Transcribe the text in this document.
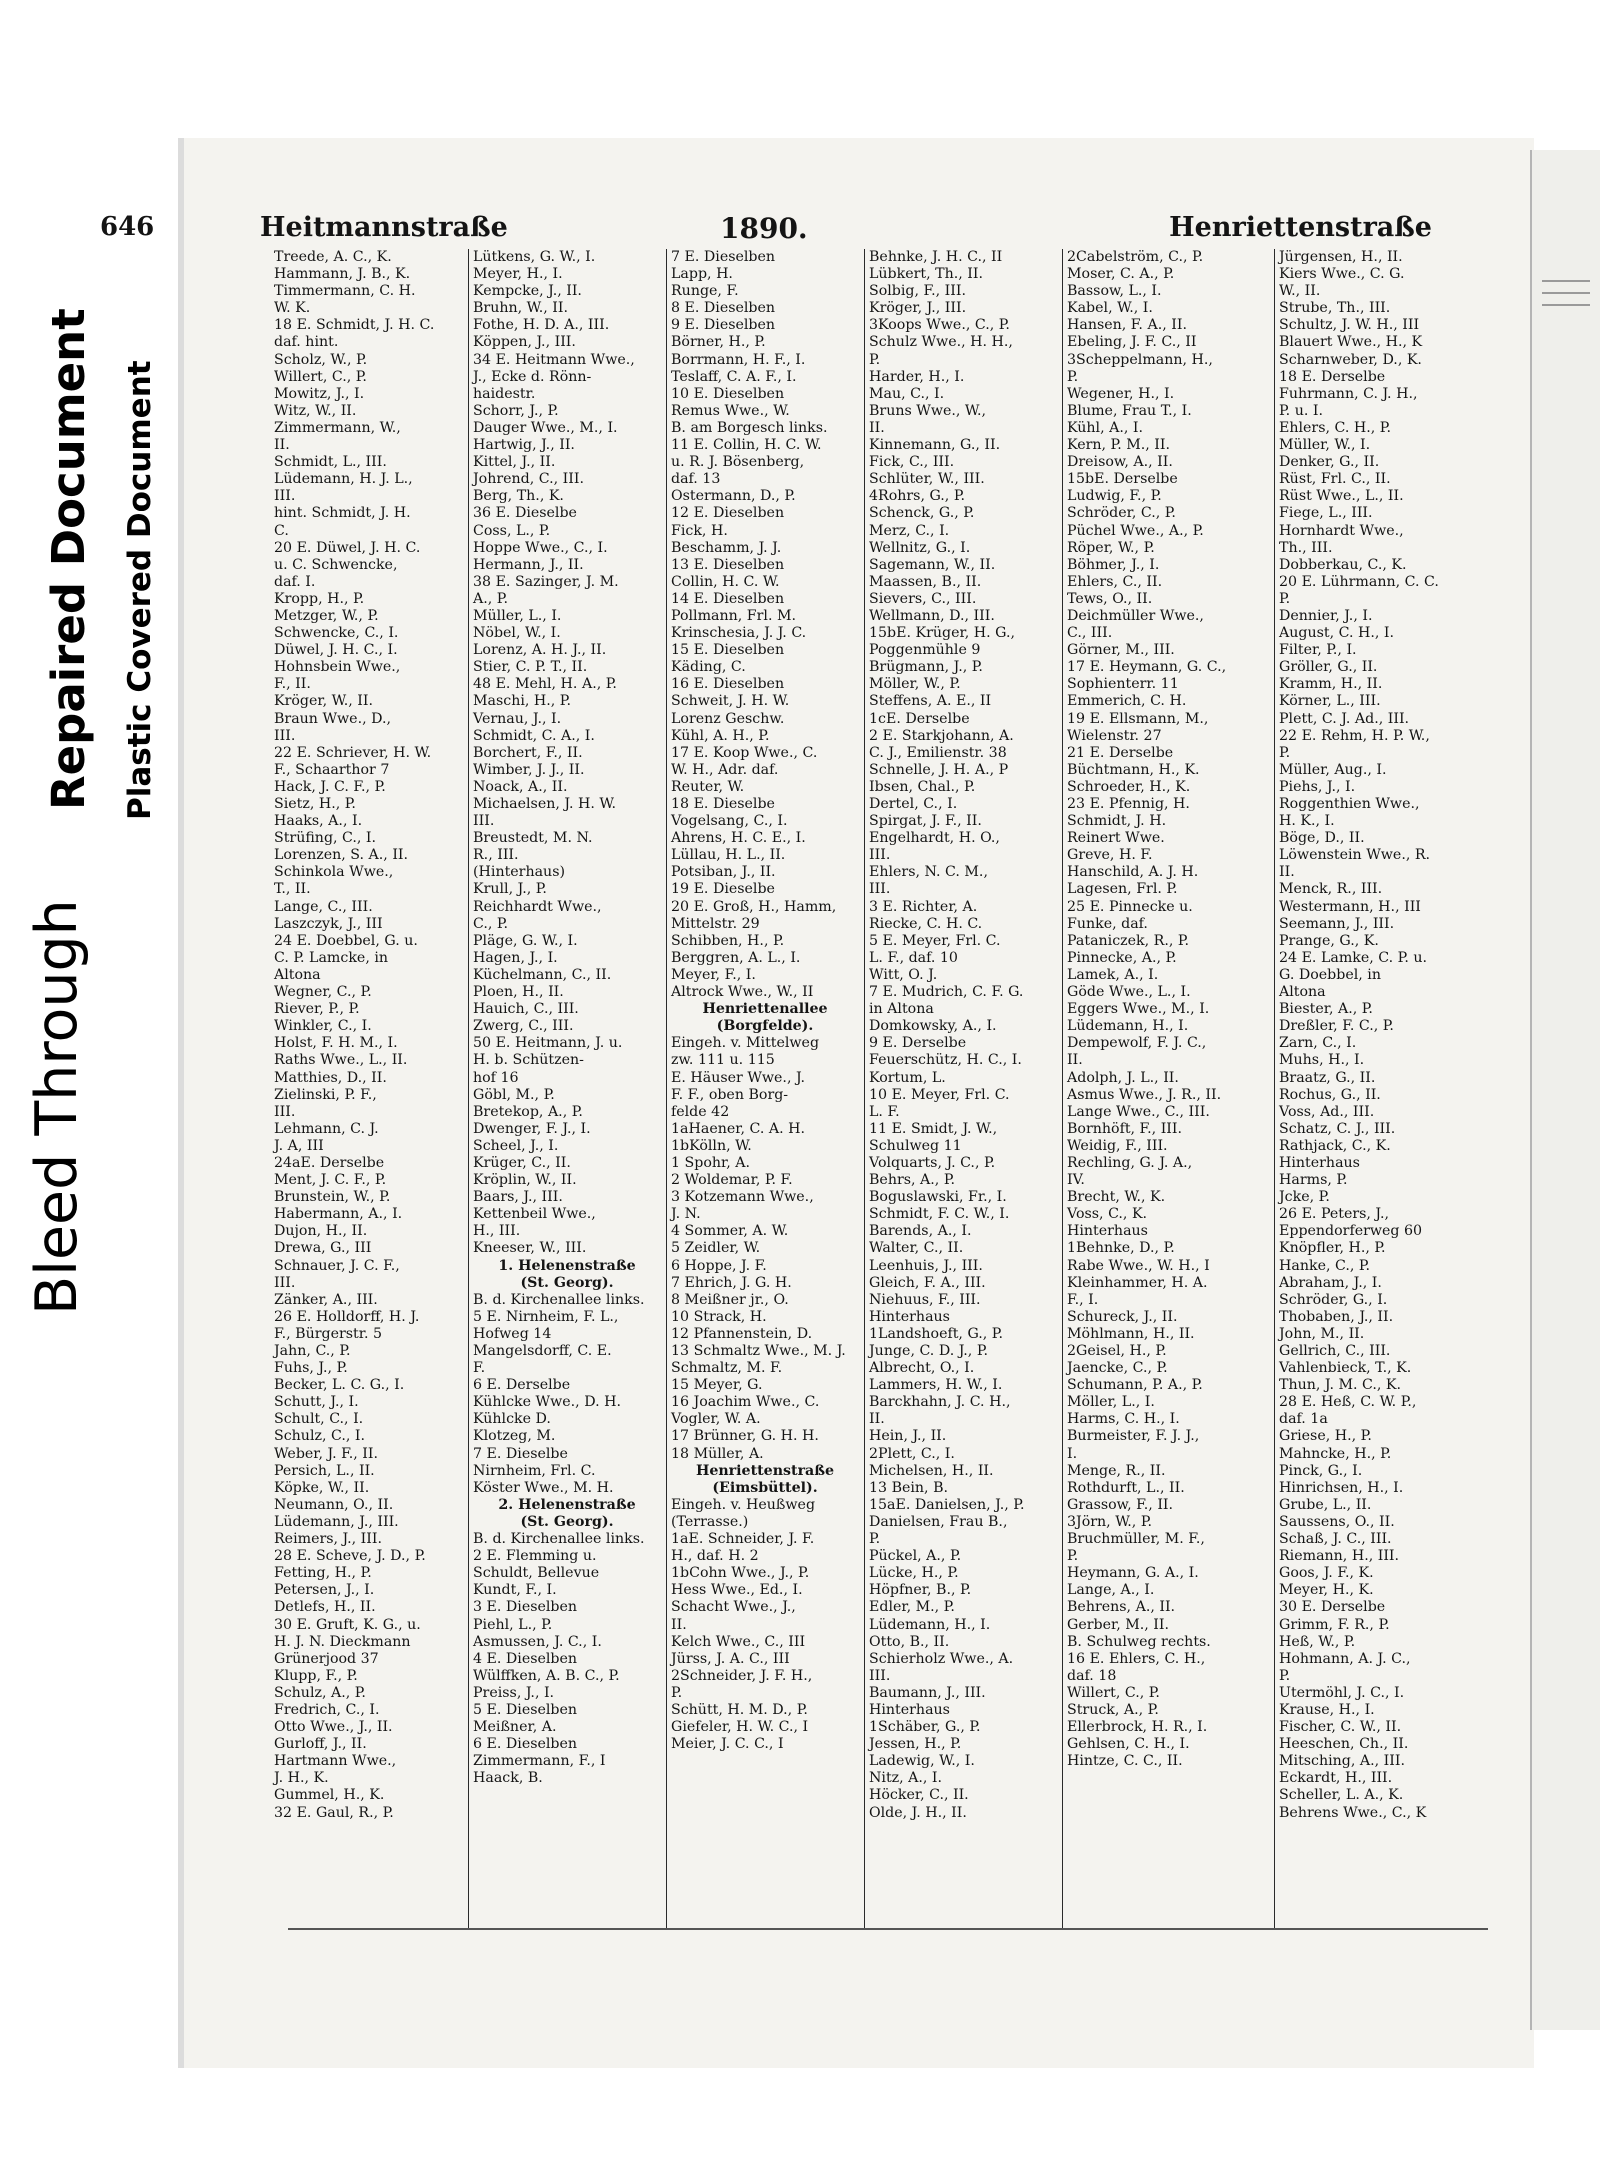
Bleed Through
Repaired Document Plastic Covered Document
646	Heitmannstraße	1890.	Henriettenstraße
Treede, A. C., K.
Hammann, J. B., K.
Timmermann, C. H.
W. K.
18 E. Schmidt, J. H. C.
daf. hint.
Scholz, W., P.
Willert, C., P.
Mowitz, J., I.
Witz, W., II.
Zimmermann, W.,
II.
Schmidt, L., III.
Lüdemann, H. J. L.,
III.
hint. Schmidt, J. H.
C.
20 E. Düwel, J. H. C.
u. C. Schwencke,
daf. I.
Kropp, H., P.
Metzger, W., P.
Schwencke, C., I.
Düwel, J. H. C., I.
Hohnsbein Wwe.,
F., II.
Kröger, W., II.
Braun Wwe., D.,
III.
22 E. Schriever, H. W.
F., Schaarthor 7
Hack, J. C. F., P.
Sietz, H., P.
Haaks, A., I.
Strüfing, C., I.
Lorenzen, S. A., II.
Schinkola Wwe.,
T., II.
Lange, C., III.
Laszczyk, J., III
24 E. Doebbel, G. u.
C. P. Lamcke, in
Altona
Wegner, C., P.
Riever, P., P.
Winkler, C., I.
Holst, F. H. M., I.
Raths Wwe., L., II.
Matthies, D., II.
Zielinski, P. F.,
III.
Lehmann, C. J.
J. A, III
24aE. Derselbe
Ment, J. C. F., P.
Brunstein, W., P.
Habermann, A., I.
Dujon, H., II.
Drewa, G., III
Schnauer, J. C. F.,
III.
Zänker, A., III.
26 E. Holldorff, H. J.
F., Bürgerstr. 5
Jahn, C., P.
Fuhs, J., P.
Becker, L. C. G., I.
Schutt, J., I.
Schult, C., I.
Schulz, C., I.
Weber, J. F., II.
Persich, L., II.
Köpke, W., II.
Neumann, O., II.
Lüdemann, J., III.
Reimers, J., III.
28 E. Scheve, J. D., P.
Fetting, H., P.
Petersen, J., I.
Detlefs, H., II.
30 E. Gruft, K. G., u.
H. J. N. Dieckmann
Grünerjood 37
Klupp, F., P.
Schulz, A., P.
Fredrich, C., I.
Otto Wwe., J., II.
Gurloff, J., II.
Hartmann Wwe.,
J. H., K.
Gummel, H., K.
32 E. Gaul, R., P.
Lütkens, G. W., I.
Meyer, H., I.
Kempcke, J., II.
Bruhn, W., II.
Fothe, H. D. A., III.
Köppen, J., III.
34 E. Heitmann Wwe.,
J., Ecke d. Rönn-
haidestr.
Schorr, J., P.
Dauger Wwe., M., I.
Hartwig, J., II.
Kittel, J., II.
Johrend, C., III.
Berg, Th., K.
36 E. Dieselbe
Coss, L., P.
Hoppe Wwe., C., I.
Hermann, J., II.
38 E. Sazinger, J. M.
A., P.
Müller, L., I.
Nöbel, W., I.
Lorenz, A. H. J., II.
Stier, C. P. T., II.
48 E. Mehl, H. A., P.
Maschi, H., P.
Vernau, J., I.
Schmidt, C. A., I.
Borchert, F., II.
Wimber, J. J., II.
Noack, A., II.
Michaelsen, J. H. W.
III.
Breustedt, M. N.
R., III.
(Hinterhaus)
Krull, J., P.
Reichhardt Wwe.,
C., P.
Pläge, G. W., I.
Hagen, J., I.
Küchelmann, C., II.
Ploen, H., II.
Hauich, C., III.
Zwerg, C., III.
50 E. Heitmann, J. u.
H. b. Schützen-
hof 16
Göbl, M., P.
Bretekop, A., P.
Dwenger, F. J., I.
Scheel, J., I.
Krüger, C., II.
Kröplin, W., II.
Baars, J., III.
Kettenbeil Wwe.,
H., III.
Kneeser, W., III.
1. Helenenstraße
(St. Georg).
B. d. Kirchenallee links.
5 E. Nirnheim, F. L.,
Hofweg 14
Mangelsdorff, C. E.
F.
6 E. Derselbe
Kühlcke Wwe., D. H.
Kühlcke D.
Klotzeg, M.
7 E. Dieselbe
Nirnheim, Frl. C.
Köster Wwe., M. H.
2. Helenenstraße
(St. Georg).
B. d. Kirchenallee links.
2 E. Flemming u.
Schuldt, Bellevue
Kundt, F., I.
3 E. Dieselben
Piehl, L., P.
Asmussen, J. C., I.
4 E. Dieselben
Wülffken, A. B. C., P.
Preiss, J., I.
5 E. Dieselben
Meißner, A.
6 E. Dieselben
Zimmermann, F., I
Haack, B.
7 E. Dieselben
Lapp, H.
Runge, F.
8 E. Dieselben
9 E. Dieselben
Börner, H., P.
Borrmann, H. F., I.
Teslaff, C. A. F., I.
10 E. Dieselben
Remus Wwe., W.
B. am Borgesch links.
11 E. Collin, H. C. W.
u. R. J. Bösenberg,
daf. 13
Ostermann, D., P.
12 E. Dieselben
Fick, H.
Beschamm, J. J.
13 E. Dieselben
Collin, H. C. W.
14 E. Dieselben
Pollmann, Frl. M.
Krinschesia, J. J. C.
15 E. Dieselben
Käding, C.
16 E. Dieselben
Schweit, J. H. W.
Lorenz Geschw.
Kühl, A. H., P.
17 E. Koop Wwe., C.
W. H., Adr. daf.
Reuter, W.
18 E. Dieselbe
Vogelsang, C., I.
Ahrens, H. C. E., I.
Lüllau, H. L., II.
Potsiban, J., II.
19 E. Dieselbe
20 E. Groß, H., Hamm,
Mittelstr. 29
Schibben, H., P.
Berggren, A. L., I.
Meyer, F., I.
Altrock Wwe., W., II
Henriettenallee
(Borgfelde).
Eingeh. v. Mittelweg
zw. 111 u. 115
E. Häuser Wwe., J.
F. F., oben Borg-
felde 42
1aHaener, C. A. H.
1bKölln, W.
1 Spohr, A.
2 Woldemar, P. F.
3 Kotzemann Wwe.,
J. N.
4 Sommer, A. W.
5 Zeidler, W.
6 Hoppe, J. F.
7 Ehrich, J. G. H.
8 Meißner jr., O.
10 Strack, H.
12 Pfannenstein, D.
13 Schmaltz Wwe., M. J.
Schmaltz, M. F.
15 Meyer, G.
16 Joachim Wwe., C.
Vogler, W. A.
17 Brünner, G. H. H.
18 Müller, A.
Henriettenstraße
(Eimsbüttel).
Eingeh. v. Heußweg
(Terrasse.)
1aE. Schneider, J. F.
H., daf. H. 2
1bCohn Wwe., J., P.
Hess Wwe., Ed., I.
Schacht Wwe., J.,
II.
Kelch Wwe., C., III
Jürss, J. A. C., III
2Schneider, J. F. H.,
P.
Schütt, H. M. D., P.
Giefeler, H. W. C., I
Meier, J. C. C., I
Behnke, J. H. C., II
Lübkert, Th., II.
Solbig, F., III.
Kröger, J., III.
3Koops Wwe., C., P.
Schulz Wwe., H. H.,
P.
Harder, H., I.
Mau, C., I.
Bruns Wwe., W.,
II.
Kinnemann, G., II.
Fick, C., III.
Schlüter, W., III.
4Rohrs, G., P.
Schenck, G., P.
Merz, C., I.
Wellnitz, G., I.
Sagemann, W., II.
Maassen, B., II.
Sievers, C., III.
Wellmann, D., III.
15bE. Krüger, H. G.,
Poggenmühle 9
Brügmann, J., P.
Möller, W., P.
Steffens, A. E., II
1cE. Derselbe
2 E. Starkjohann, A.
C. J., Emilienstr. 38
Schnelle, J. H. A., P
Ibsen, Chal., P.
Dertel, C., I.
Spirgat, J. F., II.
Engelhardt, H. O.,
III.
Ehlers, N. C. M.,
III.
3 E. Richter, A.
Riecke, C. H. C.
5 E. Meyer, Frl. C.
L. F., daf. 10
Witt, O. J.
7 E. Mudrich, C. F. G.
in Altona
Domkowsky, A., I.
9 E. Derselbe
Feuerschütz, H. C., I.
Kortum, L.
10 E. Meyer, Frl. C.
L. F.
11 E. Smidt, J. W.,
Schulweg 11
Volquarts, J. C., P.
Behrs, A., P.
Boguslawski, Fr., I.
Schmidt, F. C. W., I.
Barends, A., I.
Walter, C., II.
Leenhuis, J., III.
Gleich, F. A., III.
Niehuus, F., III.
Hinterhaus
1Landshoeft, G., P.
Junge, C. D. J., P.
Albrecht, O., I.
Lammers, H. W., I.
Barckhahn, J. C. H.,
II.
Hein, J., II.
2Plett, C., I.
Michelsen, H., II.
13 Bein, B.
15aE. Danielsen, J., P.
Danielsen, Frau B.,
P.
Pückel, A., P.
Lücke, H., P.
Höpfner, B., P.
Edler, M., P.
Lüdemann, H., I.
Otto, B., II.
Schierholz Wwe., A.
III.
Baumann, J., III.
Hinterhaus
1Schäber, G., P.
Jessen, H., P.
Ladewig, W., I.
Nitz, A., I.
Höcker, C., II.
Olde, J. H., II.
2Cabelström, C., P.
Moser, C. A., P.
Bassow, L., I.
Kabel, W., I.
Hansen, F. A., II.
Ebeling, J. F. C., II
3Scheppelmann, H.,
P.
Wegener, H., I.
Blume, Frau T., I.
Kühl, A., I.
Kern, P. M., II.
Dreisow, A., II.
15bE. Derselbe
Ludwig, F., P.
Schröder, C., P.
Püchel Wwe., A., P.
Röper, W., P.
Böhmer, J., I.
Ehlers, C., II.
Tews, O., II.
Deichmüller Wwe.,
C., III.
Görner, M., III.
17 E. Heymann, G. C.,
Sophienterr. 11
Emmerich, C. H.
19 E. Ellsmann, M.,
Wielenstr. 27
21 E. Derselbe
Büchtmann, H., K.
Schroeder, H., K.
23 E. Pfennig, H.
Schmidt, J. H.
Reinert Wwe.
Greve, H. F.
Hanschild, A. J. H.
Lagesen, Frl. P.
25 E. Pinnecke u.
Funke, daf.
Pataniczek, R., P.
Pinnecke, A., P.
Lamek, A., I.
Göde Wwe., L., I.
Eggers Wwe., M., I.
Lüdemann, H., I.
Dempewolf, F. J. C.,
II.
Adolph, J. L., II.
Asmus Wwe., J. R., II.
Lange Wwe., C., III.
Bornhöft, F., III.
Weidig, F., III.
Rechling, G. J. A.,
IV.
Brecht, W., K.
Voss, C., K.
Hinterhaus
1Behnke, D., P.
Rabe Wwe., W. H., I
Kleinhammer, H. A.
F., I.
Schureck, J., II.
Möhlmann, H., II.
2Geisel, H., P.
Jaencke, C., P.
Schumann, P. A., P.
Möller, L., I.
Harms, C. H., I.
Burmeister, F. J. J.,
I.
Menge, R., II.
Rothdurft, L., II.
Grassow, F., II.
3Jörn, W., P.
Bruchmüller, M. F.,
P.
Heymann, G. A., I.
Lange, A., I.
Behrens, A., II.
Gerber, M., II.
B. Schulweg rechts.
16 E. Ehlers, C. H.,
daf. 18
Willert, C., P.
Struck, A., P.
Ellerbrock, H. R., I.
Gehlsen, C. H., I.
Hintze, C. C., II.
Jürgensen, H., II.
Kiers Wwe., C. G.
W., II.
Strube, Th., III.
Schultz, J. W. H., III
Blauert Wwe., H., K
Scharnweber, D., K.
18 E. Derselbe
Fuhrmann, C. J. H.,
P. u. I.
Ehlers, C. H., P.
Müller, W., I.
Denker, G., II.
Rüst, Frl. C., II.
Rüst Wwe., L., II.
Fiege, L., III.
Hornhardt Wwe.,
Th., III.
Dobberkau, C., K.
20 E. Lührmann, C. C.
P.
Dennier, J., I.
August, C. H., I.
Filter, P., I.
Gröller, G., II.
Kramm, H., II.
Körner, L., III.
Plett, C. J. Ad., III.
22 E. Rehm, H. P. W.,
P.
Müller, Aug., I.
Piehs, J., I.
Roggenthien Wwe.,
H. K., I.
Böge, D., II.
Löwenstein Wwe., R.
II.
Menck, R., III.
Westermann, H., III
Seemann, J., III.
Prange, G., K.
24 E. Lamke, C. P. u.
G. Doebbel, in
Altona
Biester, A., P.
Dreßler, F. C., P.
Zarn, C., I.
Muhs, H., I.
Braatz, G., II.
Rochus, G., II.
Voss, Ad., III.
Schatz, C. J., III.
Rathjack, C., K.
Hinterhaus
Harms, P.
Jcke, P.
26 E. Peters, J.,
Eppendorferweg 60
Knöpfler, H., P.
Hanke, C., P.
Abraham, J., I.
Schröder, G., I.
Thobaben, J., II.
John, M., II.
Gellrich, C., III.
Vahlenbieck, T., K.
Thun, J. M. C., K.
28 E. Heß, C. W. P.,
daf. 1a
Griese, H., P.
Mahncke, H., P.
Pinck, G., I.
Hinrichsen, H., I.
Grube, L., II.
Saussens, O., II.
Schaß, J. C., III.
Riemann, H., III.
Goos, J. F., K.
Meyer, H., K.
30 E. Derselbe
Grimm, F. R., P.
Heß, W., P.
Hohmann, A. J. C.,
P.
Utermöhl, J. C., I.
Krause, H., I.
Fischer, C. W., II.
Heeschen, Ch., II.
Mitsching, A., III.
Eckardt, H., III.
Scheller, L. A., K.
Behrens Wwe., C., K
